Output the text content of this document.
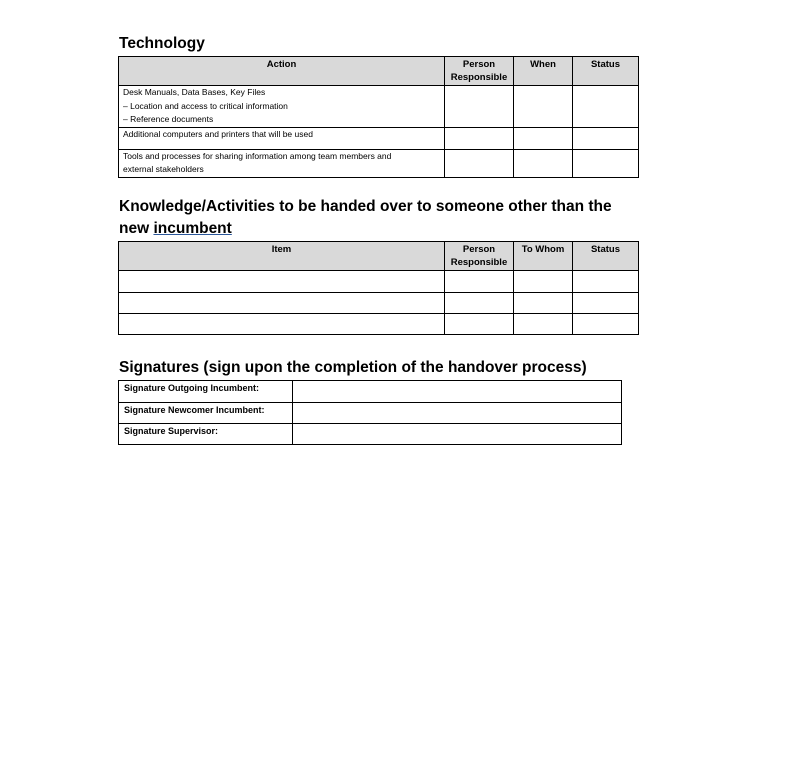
Technology
Action	Person Responsible	When	Status

Desk Manuals, Data Bases, Key Files
– Location and access to critical information
– Reference documents			

Additional computers and printers that will be used			

Tools and processes for sharing information among team members and
external stakeholders			

Knowledge/Activities to be handed over to someone other than the
new incumbent
Item	Person Responsible	To Whom	Status

Signatures (sign upon the completion of the handover process)
Signature Outgoing Incumbent:	
Signature Newcomer Incumbent:	
Signature Supervisor:	
